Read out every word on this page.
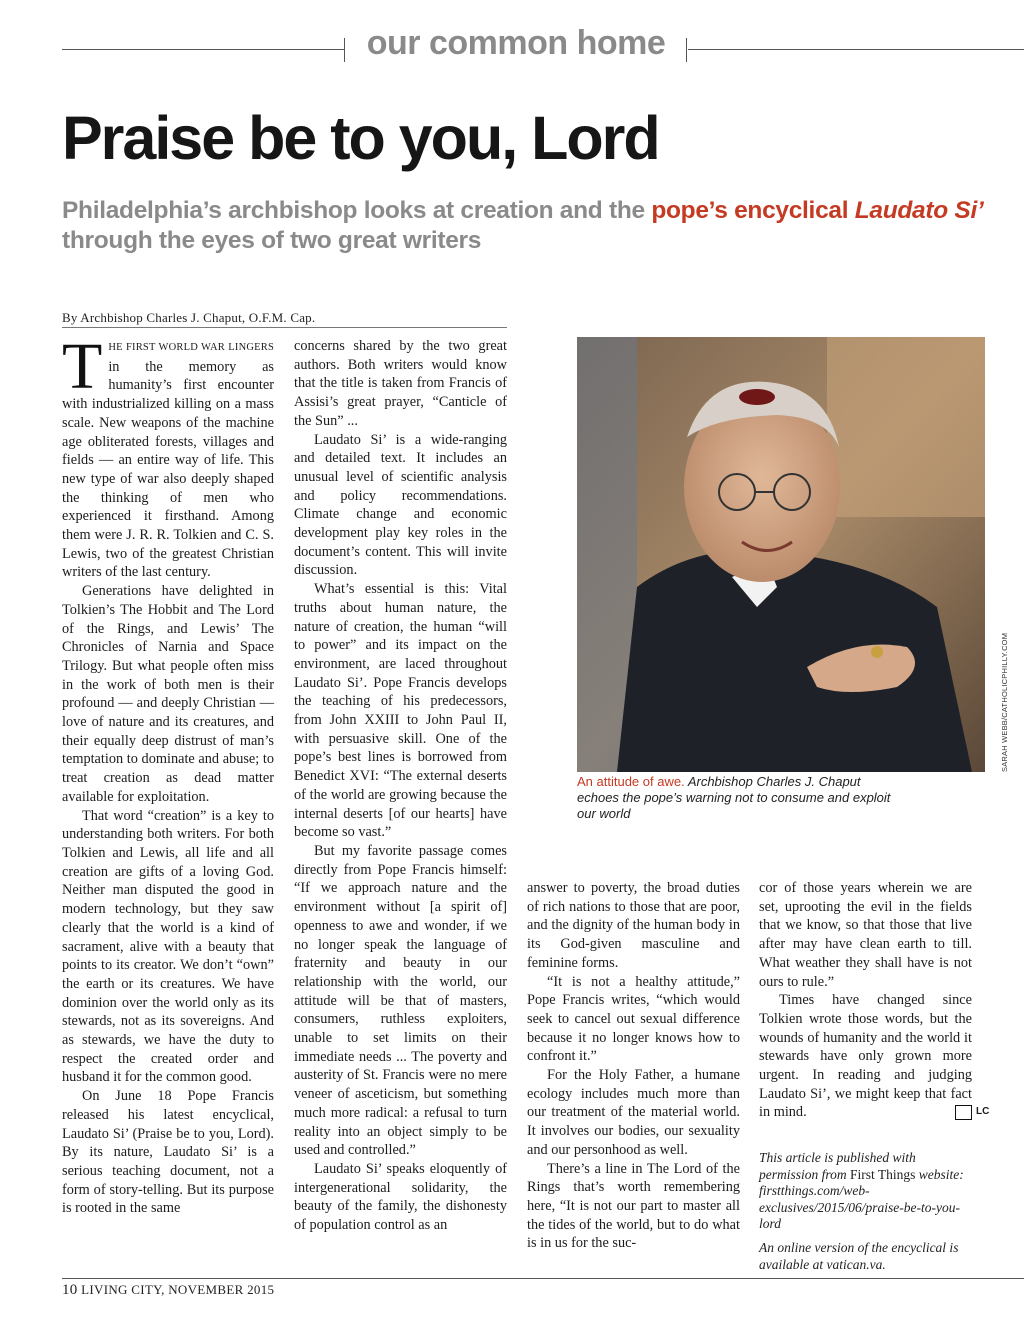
our common home
Praise be to you, Lord
Philadelphia’s archbishop looks at creation and the pope’s encyclical Laudato Si’ through the eyes of two great writers
By Archbishop Charles J. Chaput, O.F.M. Cap.

THE FIRST WORLD WAR LINGERS in the memory as humanity’s first encounter with industrialized killing on a mass scale. New weapons of the machine age obliterated forests, villages and fields — an entire way of life. This new type of war also deeply shaped the thinking of men who experienced it firsthand. Among them were J. R. R. Tolkien and C. S. Lewis, two of the greatest Christian writers of the last century.

Generations have delighted in Tolkien’s The Hobbit and The Lord of the Rings, and Lewis’ The Chronicles of Narnia and Space Trilogy. But what people often miss in the work of both men is their profound — and deeply Christian — love of nature and its creatures, and their equally deep distrust of man’s temptation to dominate and abuse; to treat creation as dead matter available for exploitation.

That word “creation” is a key to understanding both writers. For both Tolkien and Lewis, all life and all creation are gifts of a loving God. Neither man disputed the good in modern technology, but they saw clearly that the world is a kind of sacrament, alive with a beauty that points to its creator. We don’t “own” the earth or its creatures. We have dominion over the world only as its stewards, not as its sovereigns. And as stewards, we have the duty to respect the created order and husband it for the common good.

On June 18 Pope Francis released his latest encyclical, Laudato Si’ (Praise be to you, Lord). By its nature, Laudato Si’ is a serious teaching document, not a form of story-telling. But its purpose is rooted in the same

concerns shared by the two great authors. Both writers would know that the title is taken from Francis of Assisi’s great prayer, “Canticle of the Sun” ...

Laudato Si’ is a wide-ranging and detailed text. It includes an unusual level of scientific analysis and policy recommendations. Climate change and economic development play key roles in the document’s content. This will invite discussion.

What’s essential is this: Vital truths about human nature, the nature of creation, the human “will to power” and its impact on the environment, are laced throughout Laudato Si’. Pope Francis develops the teaching of his predecessors, from John XXIII to John Paul II, with persuasive skill. One of the pope’s best lines is borrowed from Benedict XVI: “The external deserts of the world are growing because the internal deserts [of our hearts] have become so vast.”

But my favorite passage comes directly from Pope Francis himself: “If we approach nature and the environment without [a spirit of] openness to awe and wonder, if we no longer speak the language of fraternity and beauty in our relationship with the world, our attitude will be that of masters, consumers, ruthless exploiters, unable to set limits on their immediate needs ... The poverty and austerity of St. Francis were no mere veneer of asceticism, but something much more radical: a refusal to turn reality into an object simply to be used and controlled.”

Laudato Si’ speaks eloquently of intergenerational solidarity, the beauty of the family, the dishonesty of population control as an

SARAH WEBB/CATHOLICPHILLY.COM
An attitude of awe. Archbishop Charles J. Chaput echoes the pope’s warning not to consume and exploit our world

answer to poverty, the broad duties of rich nations to those that are poor, and the dignity of the human body in its God-given masculine and feminine forms.

“It is not a healthy attitude,” Pope Francis writes, “which would seek to cancel out sexual difference because it no longer knows how to confront it.”

For the Holy Father, a humane ecology includes much more than our treatment of the material world. It involves our bodies, our sexuality and our personhood as well.

There’s a line in The Lord of the Rings that’s worth remembering here, “It is not our part to master all the tides of the world, but to do what is in us for the suc-

cor of those years wherein we are set, uprooting the evil in the fields that we know, so that those that live after may have clean earth to till. What weather they shall have is not ours to rule.”

Times have changed since Tolkien wrote those words, but the wounds of humanity and the world it stewards have only grown more urgent. In reading and judging Laudato Si’, we might keep that fact in mind.	LC

This article is published with permission from First Things website: firstthings.com/web-exclusives/2015/06/praise-be-to-you-lord
An online version of the encyclical is available at vatican.va.
10 LIVING CITY, NOVEMBER 2015
